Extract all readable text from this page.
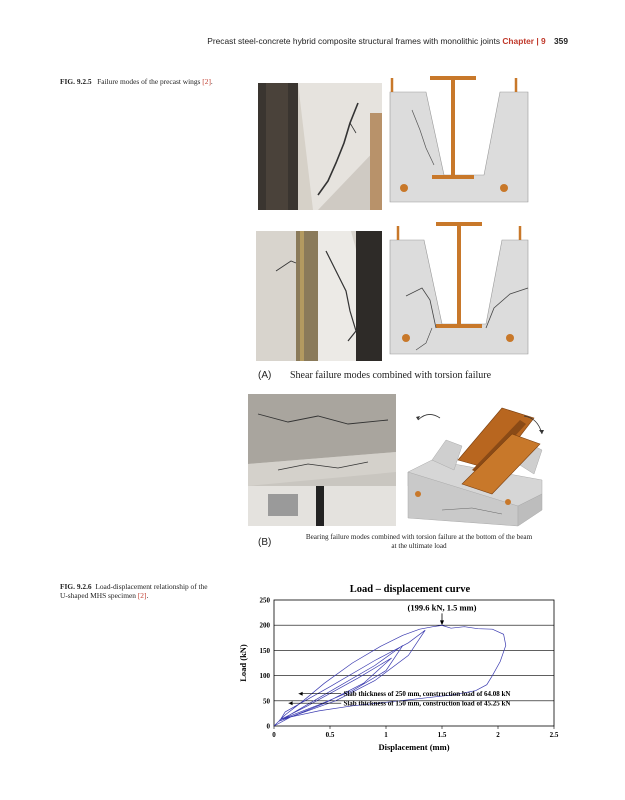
Precast steel-concrete hybrid composite structural frames with monolithic joints Chapter | 9 359
FIG. 9.2.5 Failure modes of the precast wings [2].
(A) Shear failure modes combined with torsion failure
(B)	Bearing failure modes combined with torsion failure at the bottom of the beam
at the ultimate load
FIG. 9.2.6 Load-displacement relationship of the
U-shaped MHS specimen [2].
Load – displacement curve
0
50
100
150
200
250
0	0.5	1	1.5	2	2.5
(199.6 kN, 1.5 mm)
Slab thickness of 250 mm, construction load of 64.08 kN
Slab thickness of 150 mm, construction load of 45.25 kN
Load (kN)
Displacement (mm)
